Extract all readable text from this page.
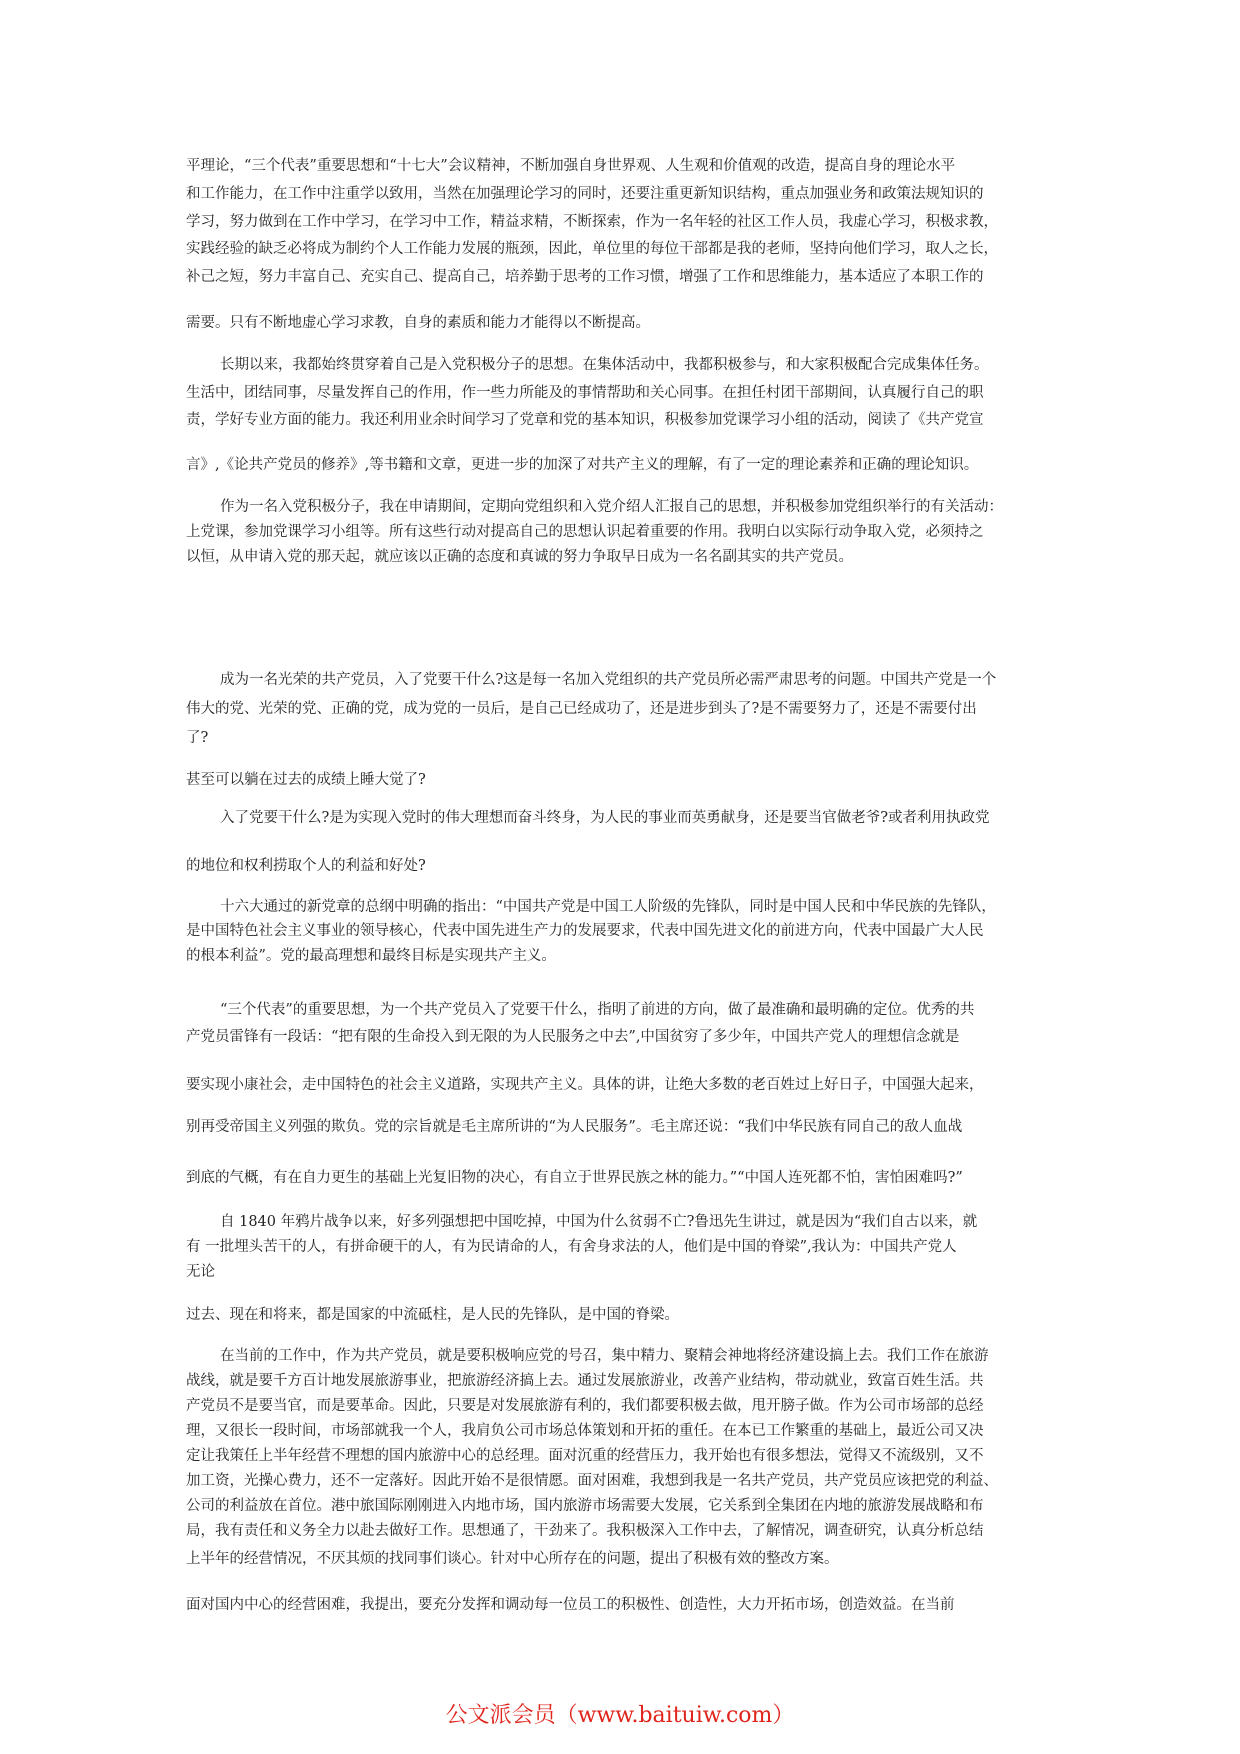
平理论，“三个代表”重要思想和“十七大”会议精神，不断加强自身世界观、人生观和价值观的改造，提高自身的理论水平
和工作能力，在工作中注重学以致用，当然在加强理论学习的同时，还要注重更新知识结构，重点加强业务和政策法规知识的
学习，努力做到在工作中学习，在学习中工作，精益求精，不断探索，作为一名年轻的社区工作人员，我虚心学习，积极求教，
实践经验的缺乏必将成为制约个人工作能力发展的瓶颈，因此，单位里的每位干部都是我的老师，坚持向他们学习，取人之长，
补己之短，努力丰富自己、充实自己、提高自己，培养勤于思考的工作习惯，增强了工作和思维能力，基本适应了本职工作的
需要。只有不断地虚心学习求教，自身的素质和能力才能得以不断提高。
长期以来，我都始终贯穿着自己是入党积极分子的思想。在集体活动中，我都积极参与，和大家积极配合完成集体任务。
生活中，团结同事，尽量发挥自己的作用，作一些力所能及的事情帮助和关心同事。在担任村团干部期间，认真履行自己的职
责，学好专业方面的能力。我还利用业余时间学习了党章和党的基本知识，积极参加党课学习小组的活动，阅读了《共产党宣
言》,《论共产党员的修养》,等书籍和文章，更进一步的加深了对共产主义的理解，有了一定的理论素养和正确的理论知识。
作为一名入党积极分子，我在申请期间，定期向党组织和入党介绍人汇报自己的思想，并积极参加党组织举行的有关活动：
上党课，参加党课学习小组等。所有这些行动对提高自己的思想认识起着重要的作用。我明白以实际行动争取入党，必须持之
以恒，从申请入党的那天起，就应该以正确的态度和真诚的努力争取早日成为一名名副其实的共产党员。
成为一名光荣的共产党员，入了党要干什么?这是每一名加入党组织的共产党员所必需严肃思考的问题。中国共产党是一个
伟大的党、光荣的党、正确的党，成为党的一员后，是自己已经成功了，还是进步到头了?是不需要努力了，还是不需要付出
了?
甚至可以躺在过去的成绩上睡大觉了?
入了党要干什么?是为实现入党时的伟大理想而奋斗终身，为人民的事业而英勇献身，还是要当官做老爷?或者利用执政党
的地位和权利捞取个人的利益和好处?
十六大通过的新党章的总纲中明确的指出：“中国共产党是中国工人阶级的先锋队，同时是中国人民和中华民族的先锋队，
是中国特色社会主义事业的领导核心，代表中国先进生产力的发展要求，代表中国先进文化的前进方向，代表中国最广大人民
的根本利益”。党的最高理想和最终目标是实现共产主义。
“三个代表”的重要思想，为一个共产党员入了党要干什么，指明了前进的方向，做了最准确和最明确的定位。优秀的共
产党员雷锋有一段话：“把有限的生命投入到无限的为人民服务之中去”,中国贫穷了多少年，中国共产党人的理想信念就是
要实现小康社会，走中国特色的社会主义道路，实现共产主义。具体的讲，让绝大多数的老百姓过上好日子，中国强大起来，
别再受帝国主义列强的欺负。党的宗旨就是毛主席所讲的“为人民服务”。毛主席还说：“我们中华民族有同自己的敌人血战
到底的气概，有在自力更生的基础上光复旧物的决心，有自立于世界民族之林的能力。”“中国人连死都不怕，害怕困难吗?”
自 1840 年鸦片战争以来，好多列强想把中国吃掉，中国为什么贫弱不亡?鲁迅先生讲过，就是因为“我们自古以来，就
有 一批埋头苦干的人，有拼命硬干的人，有为民请命的人，有舍身求法的人，他们是中国的脊梁”,我认为：中国共产党人
无论
过去、现在和将来，都是国家的中流砥柱，是人民的先锋队，是中国的脊梁。
在当前的工作中，作为共产党员，就是要积极响应党的号召，集中精力、聚精会神地将经济建设搞上去。我们工作在旅游
战线，就是要千方百计地发展旅游事业，把旅游经济搞上去。通过发展旅游业，改善产业结构，带动就业，致富百姓生活。共
产党员不是要当官，而是要革命。因此，只要是对发展旅游有利的，我们都要积极去做，甩开膀子做。作为公司市场部的总经
理，又很长一段时间，市场部就我一个人，我肩负公司市场总体策划和开拓的重任。在本已工作繁重的基础上，最近公司又决
定让我策任上半年经营不理想的国内旅游中心的总经理。面对沉重的经营压力，我开始也有很多想法，觉得又不流级别，又不
加工资，光操心费力，还不一定落好。因此开始不是很情愿。面对困难，我想到我是一名共产党员，共产党员应该把党的利益、
公司的利益放在首位。港中旅国际刚刚进入内地市场，国内旅游市场需要大发展，它关系到全集团在内地的旅游发展战略和布
局，我有责任和义务全力以赴去做好工作。思想通了，干劲来了。我积极深入工作中去，了解情况，调查研究，认真分析总结
上半年的经营情况，不厌其烦的找同事们谈心。针对中心所存在的问题，提出了积极有效的整改方案。
面对国内中心的经营困难，我提出，要充分发挥和调动每一位员工的积极性、创造性，大力开拓市场，创造效益。在当前
公文派会员（www.baituiw.com）
